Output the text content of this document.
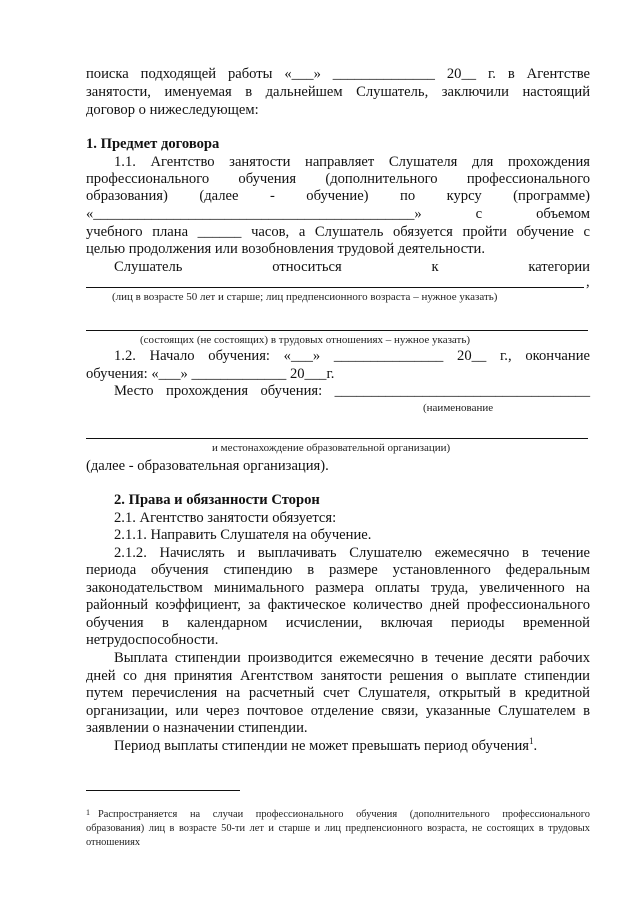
поиска подходящей работы «___» ______________ 20__ г. в Агентстве
занятости, именуемая в дальнейшем Слушатель, заключили настоящий
договор о нижеследующем:
1. Предмет договора
1.1. Агентство занятости направляет Слушателя для прохождения
профессионального обучения (дополнительного профессионального
образования) (далее - обучение) по курсу (программе)
«____________________________________________» с объемом
учебного плана ______ часов, а Слушатель обязуется пройти обучение с
целью продолжения или возобновления трудовой деятельности.
Слушатель относиться к категории
,
(лиц в возрасте 50 лет и старше; лиц предпенсионного возраста – нужное указать)
(состоящих (не состоящих) в трудовых отношениях – нужное указать)
1.2. Начало обучения: «___» _______________ 20__ г., окончание
обучения: «___» _____________ 20___г.
Место прохождения обучения: ___________________________________
(наименование
и местонахождение образовательной организации)
(далее - образовательная организация).
2. Права и обязанности Сторон
2.1. Агентство занятости обязуется:
2.1.1. Направить Слушателя на обучение.
2.1.2. Начислять и выплачивать Слушателю ежемесячно в течение
периода обучения стипендию в размере установленного федеральным
законодательством минимального размера оплаты труда, увеличенного на
районный коэффициент, за фактическое количество дней профессионального
обучения в календарном исчислении, включая периоды временной
нетрудоспособности.
Выплата стипендии производится ежемесячно в течение десяти рабочих
дней со дня принятия Агентством занятости решения о выплате стипендии
путем перечисления на расчетный счет Слушателя, открытый в кредитной
организации, или через почтовое отделение связи, указанные Слушателем в
заявлении о назначении стипендии.
Период выплаты стипендии не может превышать период обучения$^1$.
1 Распространяется на случаи профессионального обучения (дополнительного профессионального
образования) лиц в возрасте 50-ти лет и старше и лиц предпенсионного возраста, не состоящих в трудовых
отношениях
